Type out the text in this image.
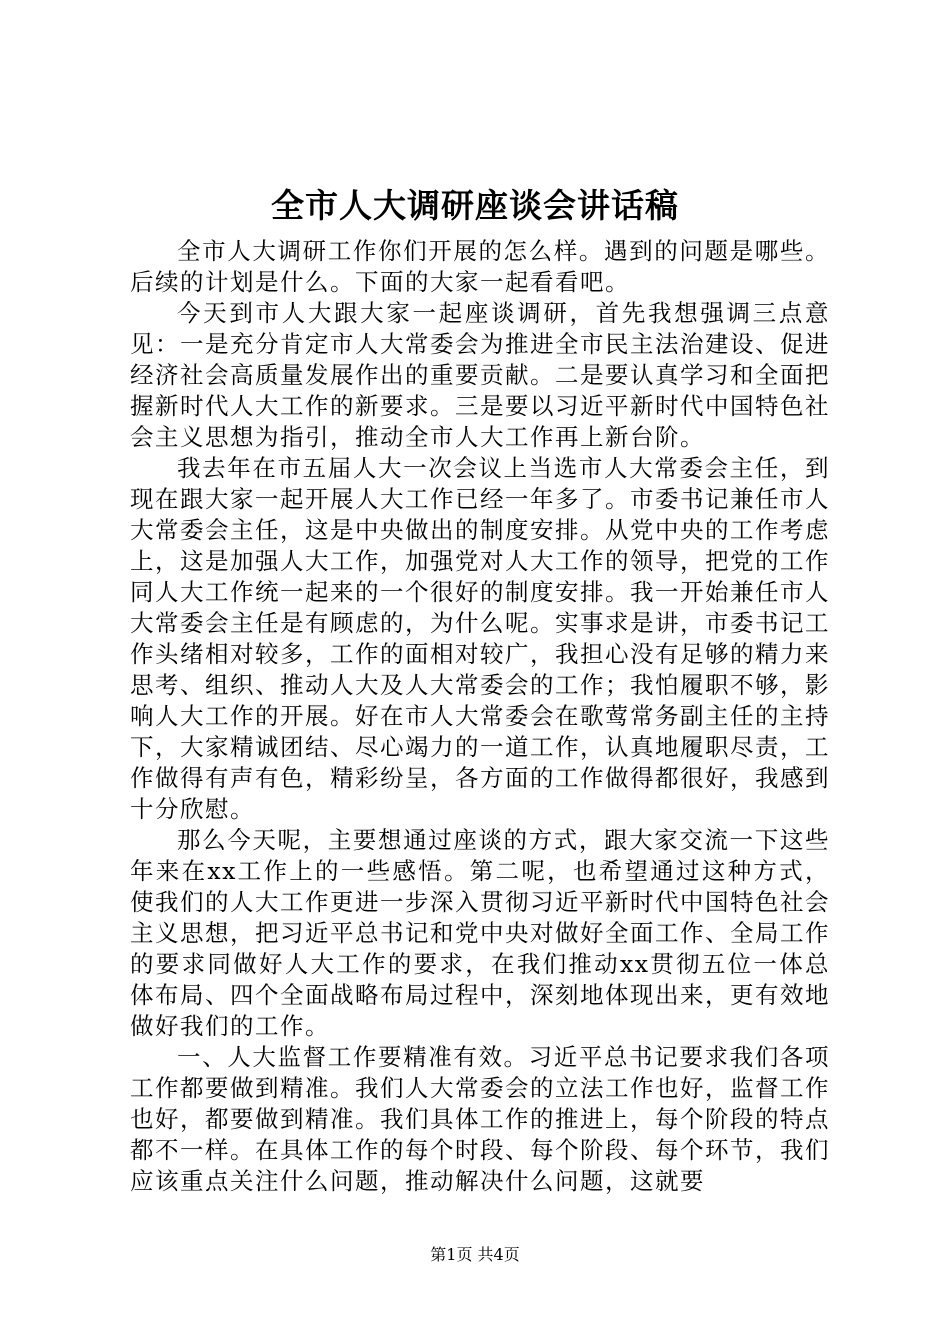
全市人大调研座谈会讲话稿

全市人大调研工作你们开展的怎么样。遇到的问题是哪些。后续的计划是什么。下面的大家一起看看吧。

今天到市人大跟大家一起座谈调研，首先我想强调三点意见：一是充分肯定市人大常委会为推进全市民主法治建设、促进经济社会高质量发展作出的重要贡献。二是要认真学习和全面把握新时代人大工作的新要求。三是要以习近平新时代中国特色社会主义思想为指引，推动全市人大工作再上新台阶。

我去年在市五届人大一次会议上当选市人大常委会主任，到现在跟大家一起开展人大工作已经一年多了。市委书记兼任市人大常委会主任，这是中央做出的制度安排。从党中央的工作考虑上，这是加强人大工作，加强党对人大工作的领导，把党的工作同人大工作统一起来的一个很好的制度安排。我一开始兼任市人大常委会主任是有顾虑的，为什么呢。实事求是讲，市委书记工作头绪相对较多，工作的面相对较广，我担心没有足够的精力来思考、组织、推动人大及人大常委会的工作；我怕履职不够，影响人大工作的开展。好在市人大常委会在歌莺常务副主任的主持下，大家精诚团结、尽心竭力的一道工作，认真地履职尽责，工作做得有声有色，精彩纷呈，各方面的工作做得都很好，我感到十分欣慰。

那么今天呢，主要想通过座谈的方式，跟大家交流一下这些年来在xx工作上的一些感悟。第二呢，也希望通过这种方式，使我们的人大工作更进一步深入贯彻习近平新时代中国特色社会主义思想，把习近平总书记和党中央对做好全面工作、全局工作的要求同做好人大工作的要求，在我们推动xx贯彻五位一体总体布局、四个全面战略布局过程中，深刻地体现出来，更有效地做好我们的工作。

一、人大监督工作要精准有效。习近平总书记要求我们各项工作都要做到精准。我们人大常委会的立法工作也好，监督工作也好，都要做到精准。我们具体工作的推进上，每个阶段的特点都不一样。在具体工作的每个时段、每个阶段、每个环节，我们应该重点关注什么问题，推动解决什么问题，这就要

第1页 共4页
